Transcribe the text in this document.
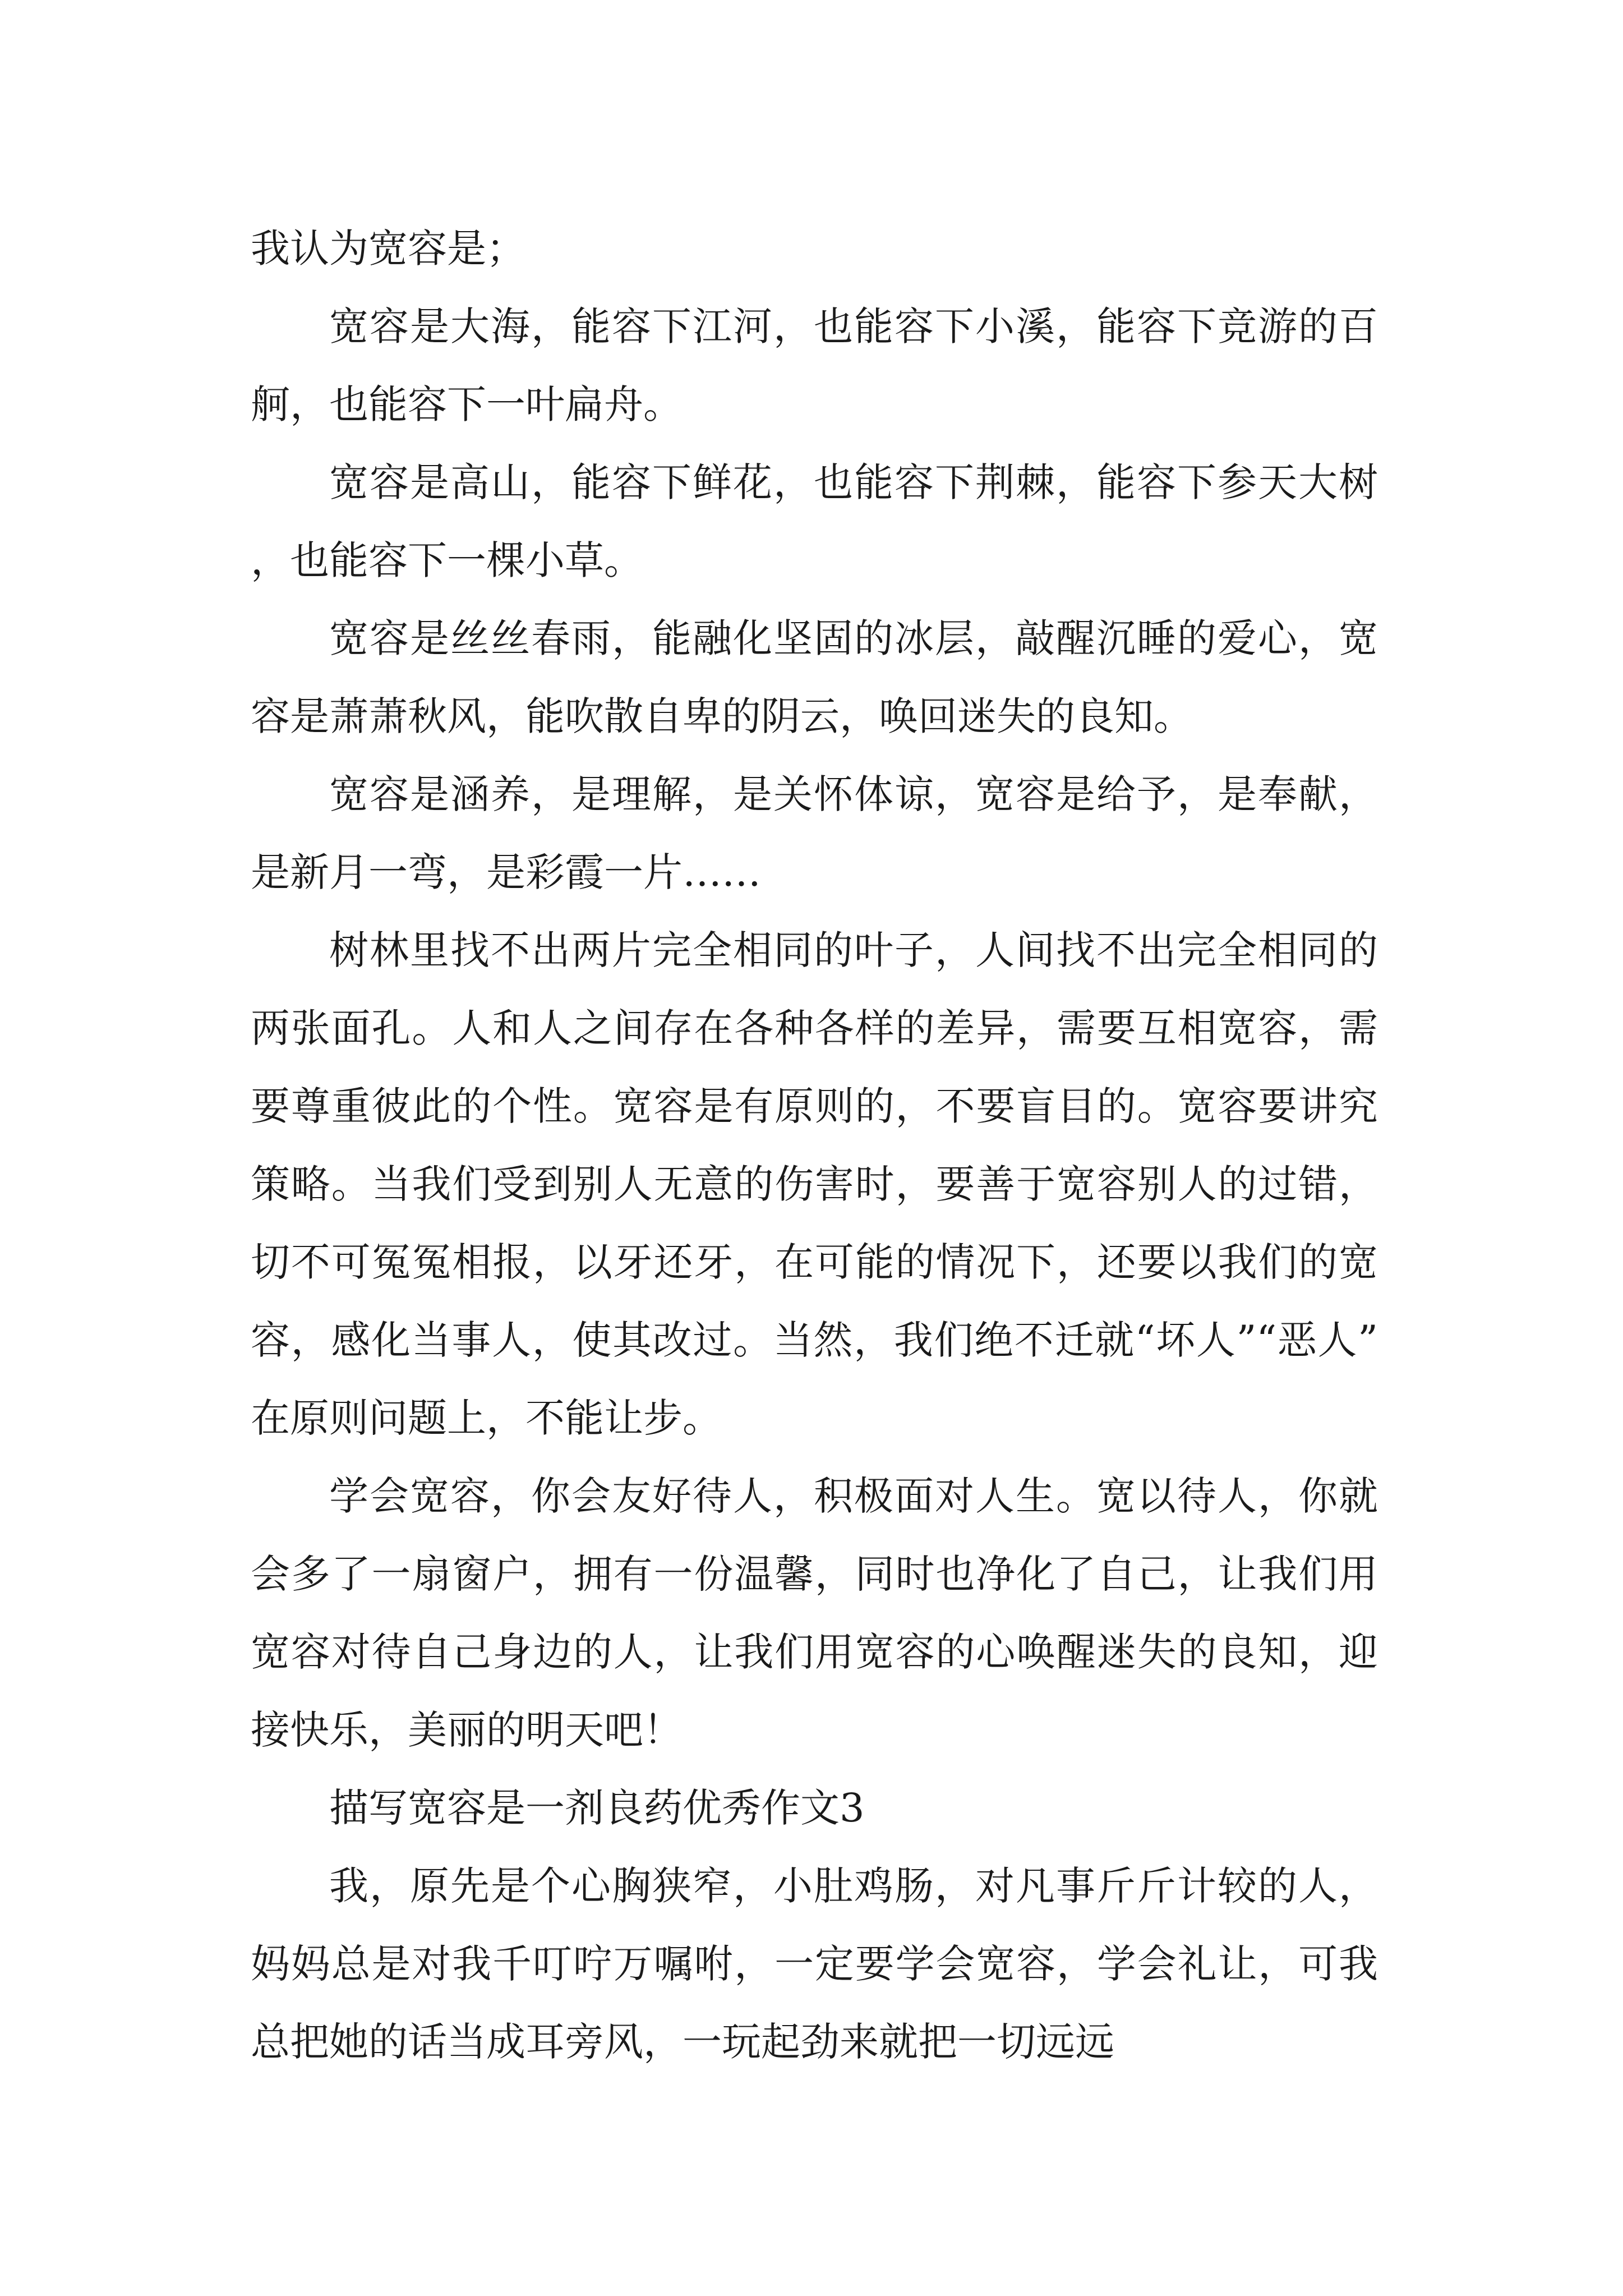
我认为宽容是；

宽容是大海，能容下江河，也能容下小溪，能容下竞游的百舸，也能容下一叶扁舟。

宽容是高山，能容下鲜花，也能容下荆棘，能容下参天大树，也能容下一棵小草。

宽容是丝丝春雨，能融化坚固的冰层，敲醒沉睡的爱心，宽容是萧萧秋风，能吹散自卑的阴云，唤回迷失的良知。

宽容是涵养，是理解，是关怀体谅，宽容是给予，是奉献，是新月一弯，是彩霞一片……

树林里找不出两片完全相同的叶子，人间找不出完全相同的两张面孔。人和人之间存在各种各样的差异，需要互相宽容，需要尊重彼此的个性。宽容是有原则的，不要盲目的。宽容要讲究策略。当我们受到别人无意的伤害时，要善于宽容别人的过错，切不可冤冤相报，以牙还牙，在可能的情况下，还要以我们的宽容，感化当事人，使其改过。当然，我们绝不迁就“坏人”“恶人”在原则问题上，不能让步。

学会宽容，你会友好待人，积极面对人生。宽以待人，你就会多了一扇窗户，拥有一份温馨，同时也净化了自己，让我们用宽容对待自己身边的人，让我们用宽容的心唤醒迷失的良知，迎接快乐，美丽的明天吧！

描写宽容是一剂良药优秀作文3

我，原先是个心胸狭窄，小肚鸡肠，对凡事斤斤计较的人，妈妈总是对我千叮咛万嘱咐，一定要学会宽容，学会礼让，可我总把她的话当成耳旁风，一玩起劲来就把一切远远
